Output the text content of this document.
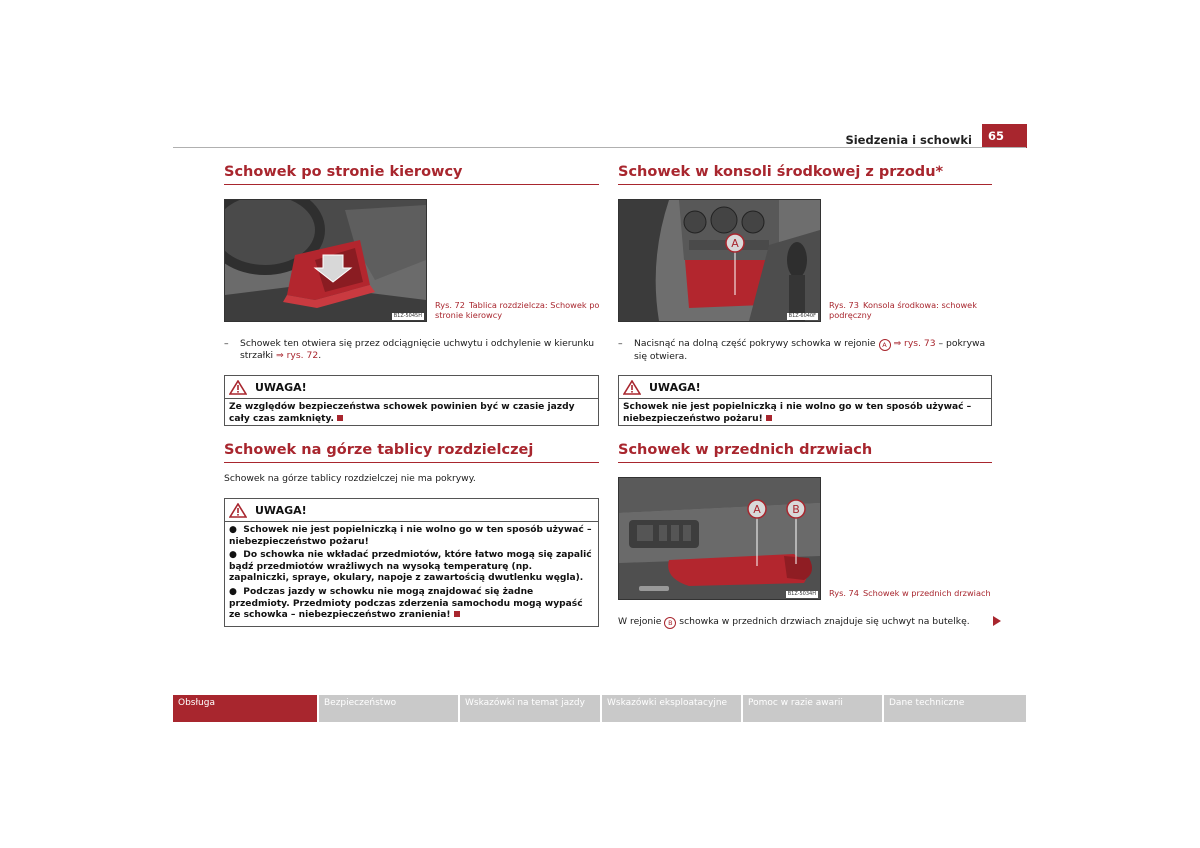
Siedzenia i schowki	65
Schowek po stronie kierowcy
B1Z-5045H
Rys. 72 Tablica rozdzielcza: Schowek po stronie kierowcy
–	Schowek ten otwiera się przez odciągnięcie uchwytu i odchylenie w kierunku strzałki ⇒ rys. 72.
UWAGA!
Ze względów bezpieczeństwa schowek powinien być w czasie jazdy cały czas zamknięty.
Schowek na górze tablicy rozdzielczej
Schowek na górze tablicy rozdzielczej nie ma pokrywy.
UWAGA!
●  Schowek nie jest popielniczką i nie wolno go w ten sposób używać – niebezpieczeństwo pożaru!
●  Do schowka nie wkładać przedmiotów, które łatwo mogą się zapalić bądź przedmiotów wrażliwych na wysoką temperaturę (np. zapalniczki, spraye, okulary, napoje z zawartością dwutlenku węgla).
●  Podczas jazdy w schowku nie mogą znajdować się żadne przedmioty. Przedmioty podczas zderzenia samochodu mogą wypaść ze schowka – niebezpieczeństwo zranienia!
Schowek w konsoli środkowej z przodu*
A
B1Z-6040F
Rys. 73 Konsola środkowa: schowek podręczny
–	Nacisnąć na dolną część pokrywy schowka w rejonie A ⇒ rys. 73 – pokrywa się otwiera.
UWAGA!
Schowek nie jest popielniczką i nie wolno go w ten sposób używać – niebezpieczeństwo pożaru!
Schowek w przednich drzwiach
A	B
B1Z-5034H Rys. 74 Schowek w przednich drzwiach
W rejonie B schowka w przednich drzwiach znajduje się uchwyt na butelkę.
Obsługa	Bezpieczeństwo	Wskazówki na temat jazdy	Wskazówki eksploatacyjne	Pomoc w razie awarii	Dane techniczne
